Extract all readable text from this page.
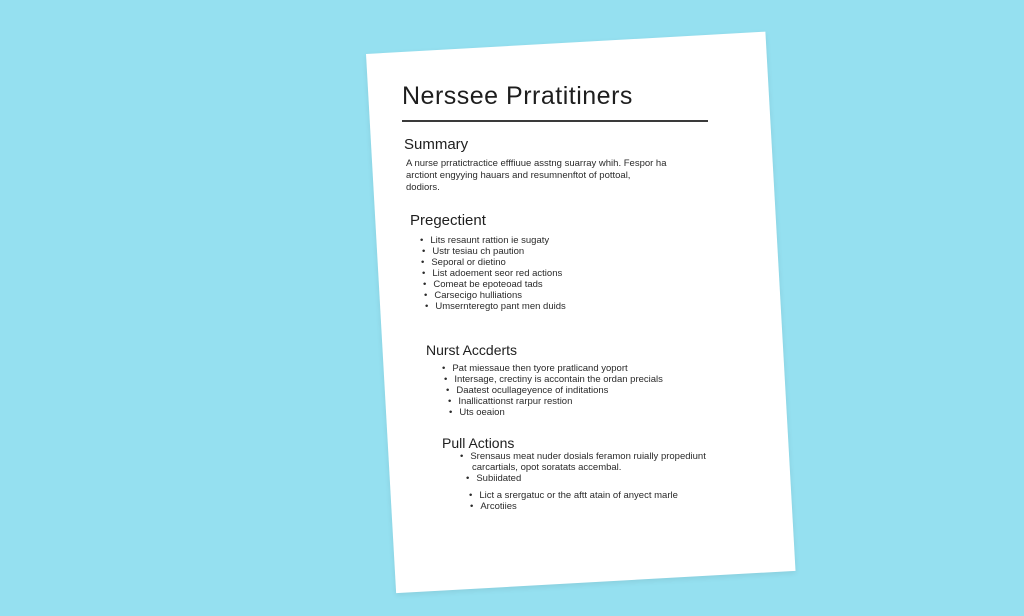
Nerssee Prratitiners
Summary
A nurse prratictractice efffiuue asstng suarray whih. Fespor ha
arctiont engyying hauars and resumnenftot of pottoal,
dodiors.
Pregectient
• Lits resaunt rattion ie sugaty
• Ustr tesiau ch paution
• Seporal or dietino
• List adoement seor red actions
• Comeat be epoteoad tads
• Carsecigo hulliations
• Umsernteregto pant men duids
Nurst Accderts
• Pat miessaue then tyore pratlicand yoport
• Intersage, crectiny is accontain the ordan precials
• Daatest ocullageyence of inditations
• Inallicattionst rarpur restion
• Uts oeaion
Pull Actions
• Srensaus meat nuder dosials feramon ruially propediunt
carcartials, opot soratats accembal.
• Subiidated
• Lict a srergatuc or the aftt atain of anyect marle
• Arcotiies
